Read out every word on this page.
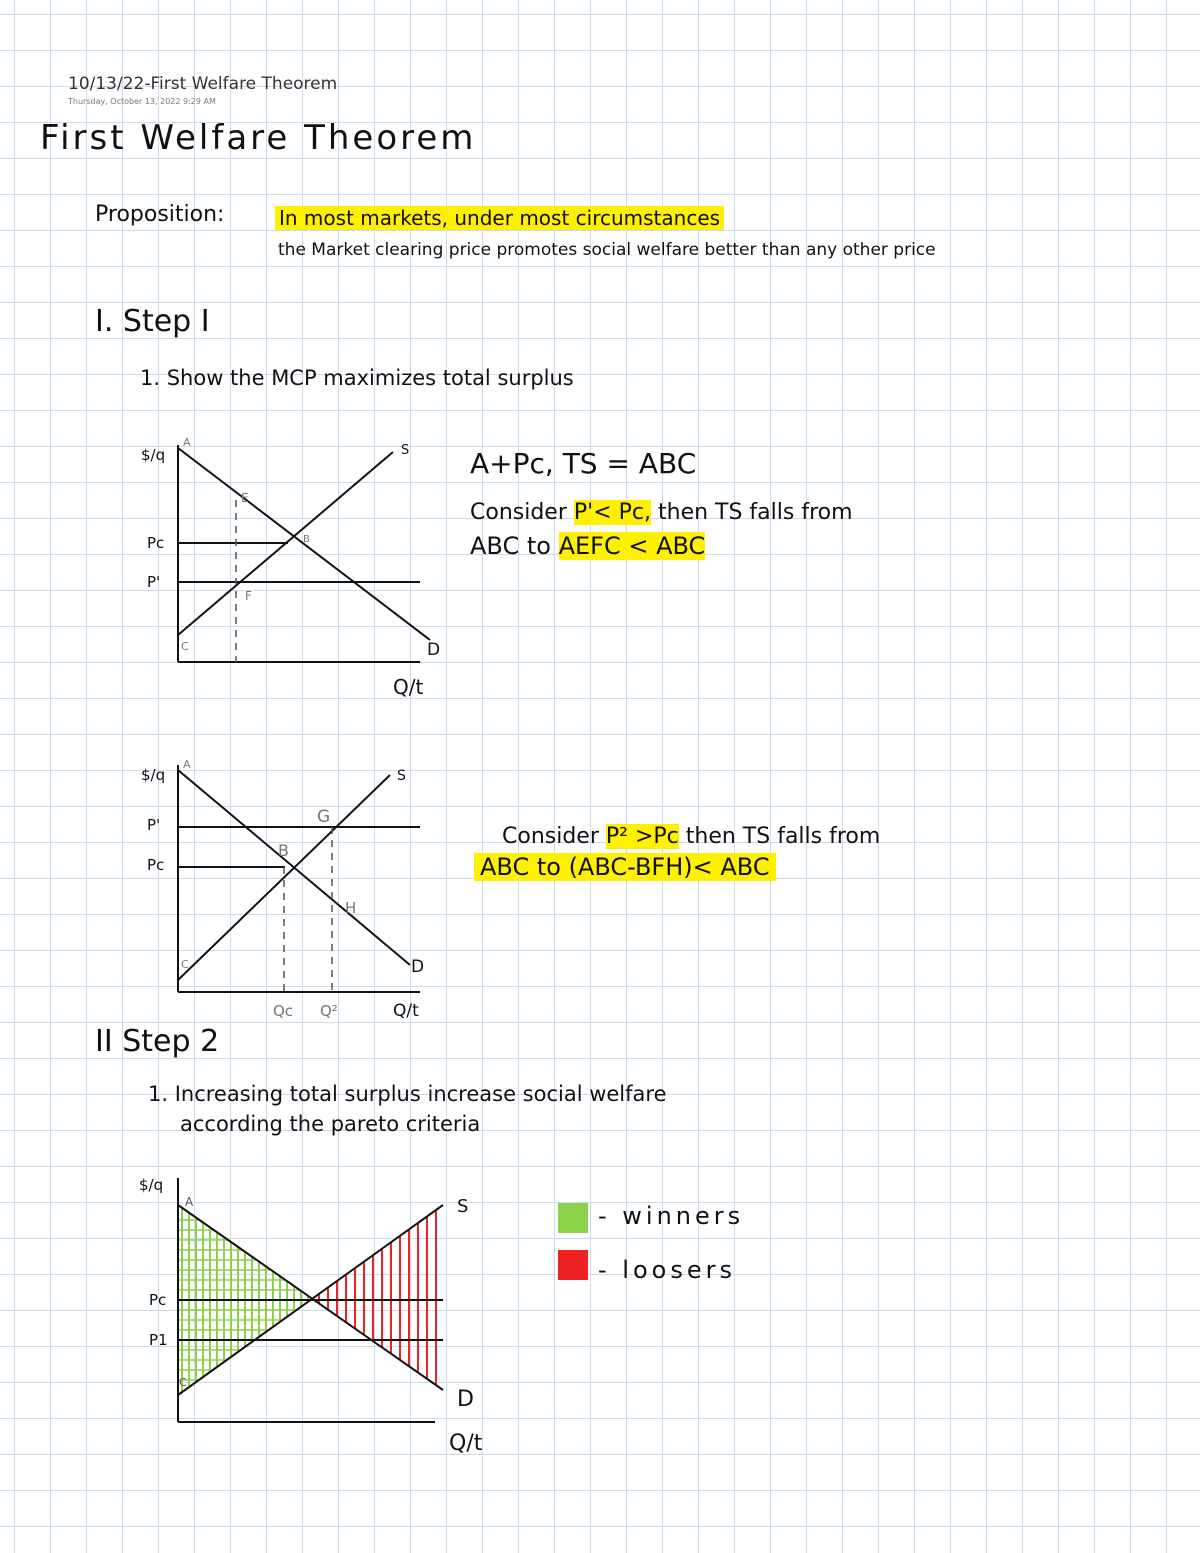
10/13/22-First Welfare Theorem
Thursday, October 13, 2022 9:29 AM
First Welfare Theorem
Proposition:	In most markets, under most circumstances
the Market clearing price promotes social welfare better than any other price
I. Step I
1. Show the MCP maximizes total surplus
A+Pc, TS = ABC
Consider P'< Pc, then TS falls from
ABC to AEFC < ABC
Consider P² >Pc then TS falls from
ABC to (ABC-BFH)< ABC
$/q
Pc
P'
A
E
F
B
C
S
D
Q/t
$/q
P'
Pc
A
B
G
H
C
S
D
Qc Q²	Q/t
II Step 2
1. Increasing total surplus increase social welfare
according the pareto criteria
$/q
Pc
P1
A
C
S
D
Q/t
- winners
- loosers
